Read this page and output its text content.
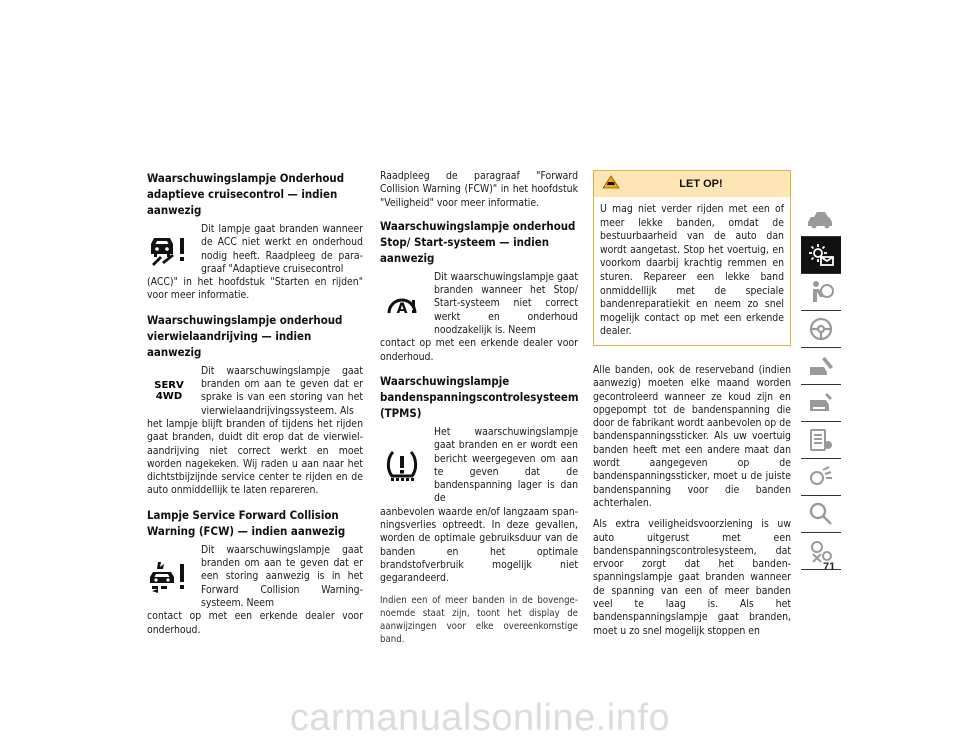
Waarschuwingslampje Onderhoud adaptieve cruisecontrol — indien aanwezig

Dit lampje gaat branden wanneer de ACC niet werkt en onderhoud nodig heeft. Raadpleeg de paragraaf "Adaptieve cruisecontrol

(ACC)" in het hoofdstuk "Starten en rijden" voor meer informatie.

Waarschuwingslampje onderhoud vierwielaandrijving — indien aanwezig
SERV
4WD

Dit waarschuwingslampje gaat branden om aan te geven dat er sprake is van een storing van het vierwielaandrijvingssysteem. Als

het lampje blijft branden of tijdens het rijden gaat branden, duidt dit erop dat de vierwielaandrijving niet correct werkt en moet worden nagekeken. Wij raden u aan naar het dichtstbijzijnde service center te rijden en de auto onmiddellijk te laten repareren.

Lampje Service Forward Collision Warning (FCW) — indien aanwezig

Dit waarschuwingslampje gaat branden om aan te geven dat er een storing aanwezig is in het Forward Collision Warning-systeem. Neem

contact op met een erkende dealer voor onderhoud.

Raadpleeg de paragraaf "Forward Collision Warning (FCW)" in het hoofdstuk "Veiligheid" voor meer informatie.

Waarschuwingslampje onderhoud Stop/ Start-systeem — indien aanwezig
A

Dit waarschuwingslampje gaat branden wanneer het Stop/ Start-systeem niet correct werkt en onderhoud noodzakelijk is. Neem

contact op met een erkende dealer voor onderhoud.

Waarschuwingslampje bandenspanningscontrolesysteem (TPMS)

Het waarschuwingslampje gaat branden en er wordt een bericht weergegeven om aan te geven dat de bandenspanning lager is dan de

aanbevolen waarde en/of langzaam spanningsverlies optreedt. In deze gevallen, worden de optimale gebruiksduur van de banden en het optimale brandstofverbruik mogelijk niet gegarandeerd.

Indien een of meer banden in de bovengenoemde staat zijn, toont het display de aanwijzingen voor elke overeenkomstige band.

LET OP!

U mag niet verder rijden met een of meer lekke banden, omdat de bestuurbaarheid van de auto dan wordt aangetast. Stop het voertuig, en voorkom daarbij krachtig remmen en sturen. Repareer een lekke band onmiddellijk met de speciale bandenreparatiekit en neem zo snel mogelijk contact op met een erkende dealer.

Alle banden, ook de reserveband (indien aanwezig) moeten elke maand worden gecontroleerd wanneer ze koud zijn en opgepompt tot de bandenspanning die door de fabrikant wordt aanbevolen op de bandenspanningssticker. Als uw voertuig banden heeft met een andere maat dan wordt aangegeven op de bandenspanningssticker, moet u de juiste bandenspanning voor die banden achterhalen.

Als extra veiligheidsvoorziening is uw auto uitgerust met een bandenspanningscontrolesysteem, dat ervoor zorgt dat het bandenspanningslampje gaat branden wanneer de spanning van een of meer banden veel te laag is. Als het bandenspanningslampje gaat branden, moet u zo snel mogelijk stoppen en

71
carmanualsonline.info
